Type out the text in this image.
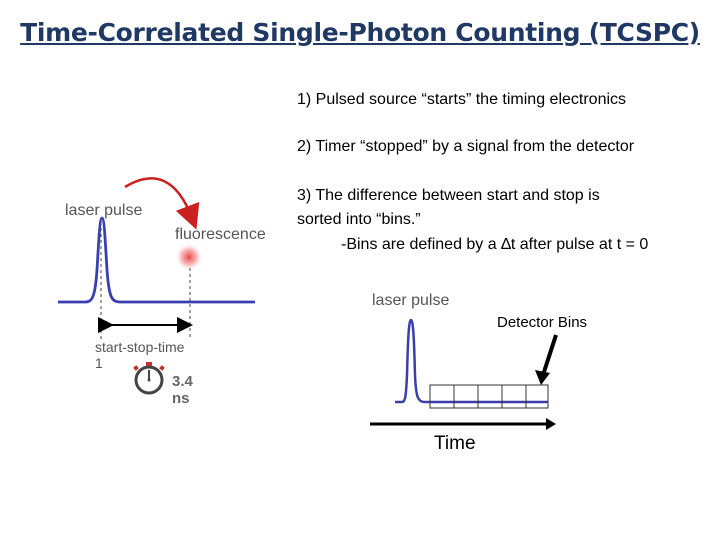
Time-Correlated Single-Photon Counting (TCSPC)
1) Pulsed source “starts” the timing electronics
2) Timer “stopped” by a signal from the detector
3) The difference between start and stop is
sorted into “bins.”
-Bins are defined by a ∆t after pulse at t = 0
laser pulse
fluorescence
start-stop-time
1
3.4
ns
laser pulse
Detector Bins
Time
